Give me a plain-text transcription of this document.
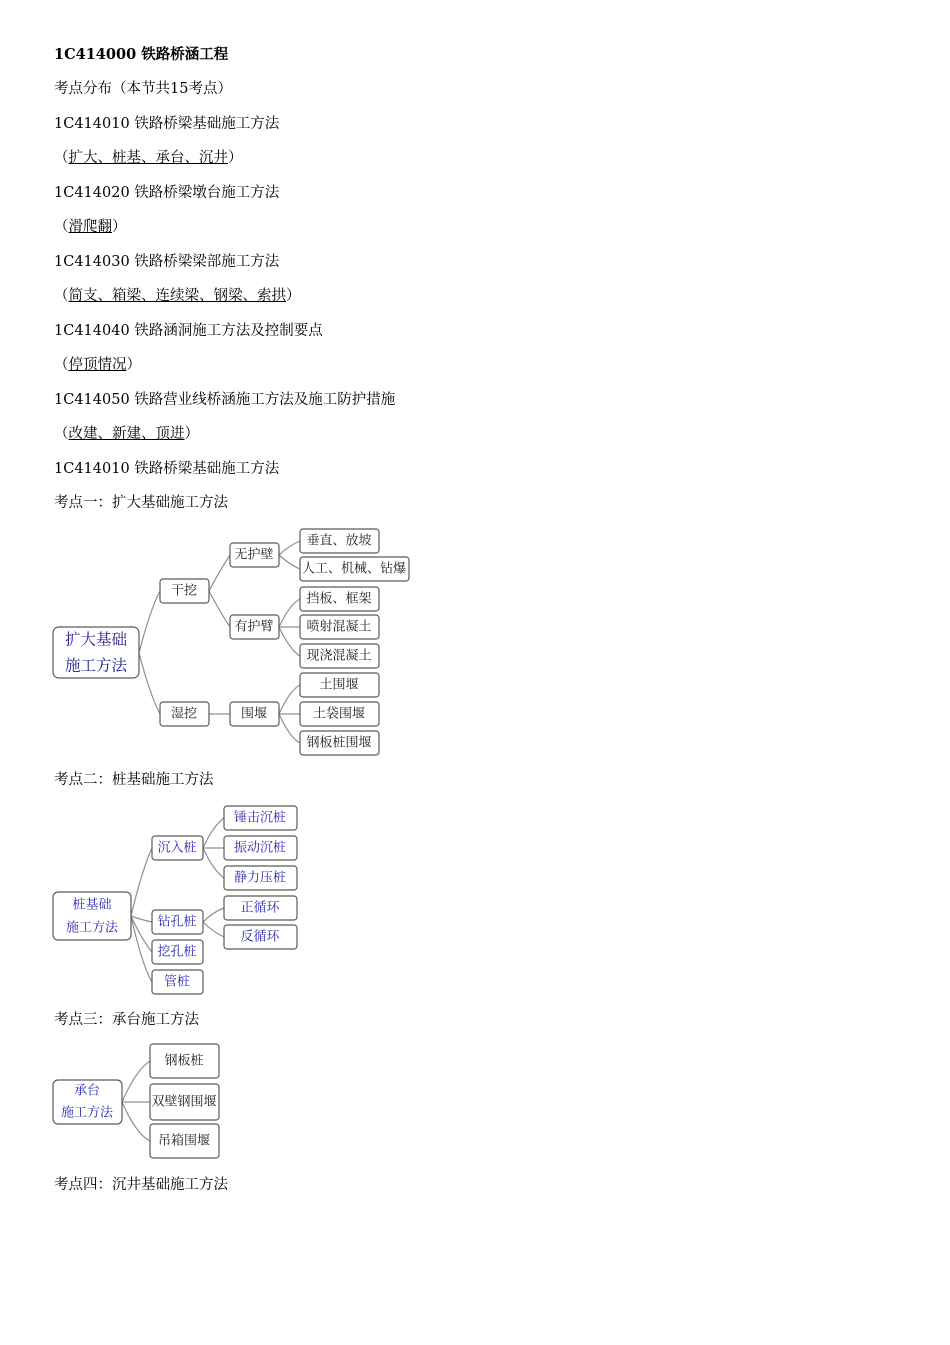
1C414000 铁路桥涵工程
考点分布（本节共15考点）
1C414010 铁路桥梁基础施工方法
（扩大、桩基、承台、沉井）
1C414020 铁路桥梁墩台施工方法
（滑爬翻）
1C414030 铁路桥梁梁部施工方法
（简支、箱梁、连续梁、钢梁、索拱）
1C414040 铁路涵洞施工方法及控制要点
（停顶情况）
1C414050 铁路营业线桥涵施工方法及施工防护措施
（改建、新建、顶进）
1C414010 铁路桥梁基础施工方法
考点一：扩大基础施工方法
考点二：桩基础施工方法
考点三：承台施工方法
考点四：沉井基础施工方法
扩大基础
施工方法
干挖
湿挖
无护壁
有护臂
围堰
垂直、放坡
人工、机械、钻爆
挡板、框架
喷射混凝土
现浇混凝土
土围堰
土袋围堰
钢板桩围堰
桩基础
施工方法
沉入桩
钻孔桩
挖孔桩
管桩
锤击沉桩
振动沉桩
静力压桩
正循环
反循环
承台
施工方法
钢板桩
双壁钢围堰
吊箱围堰
